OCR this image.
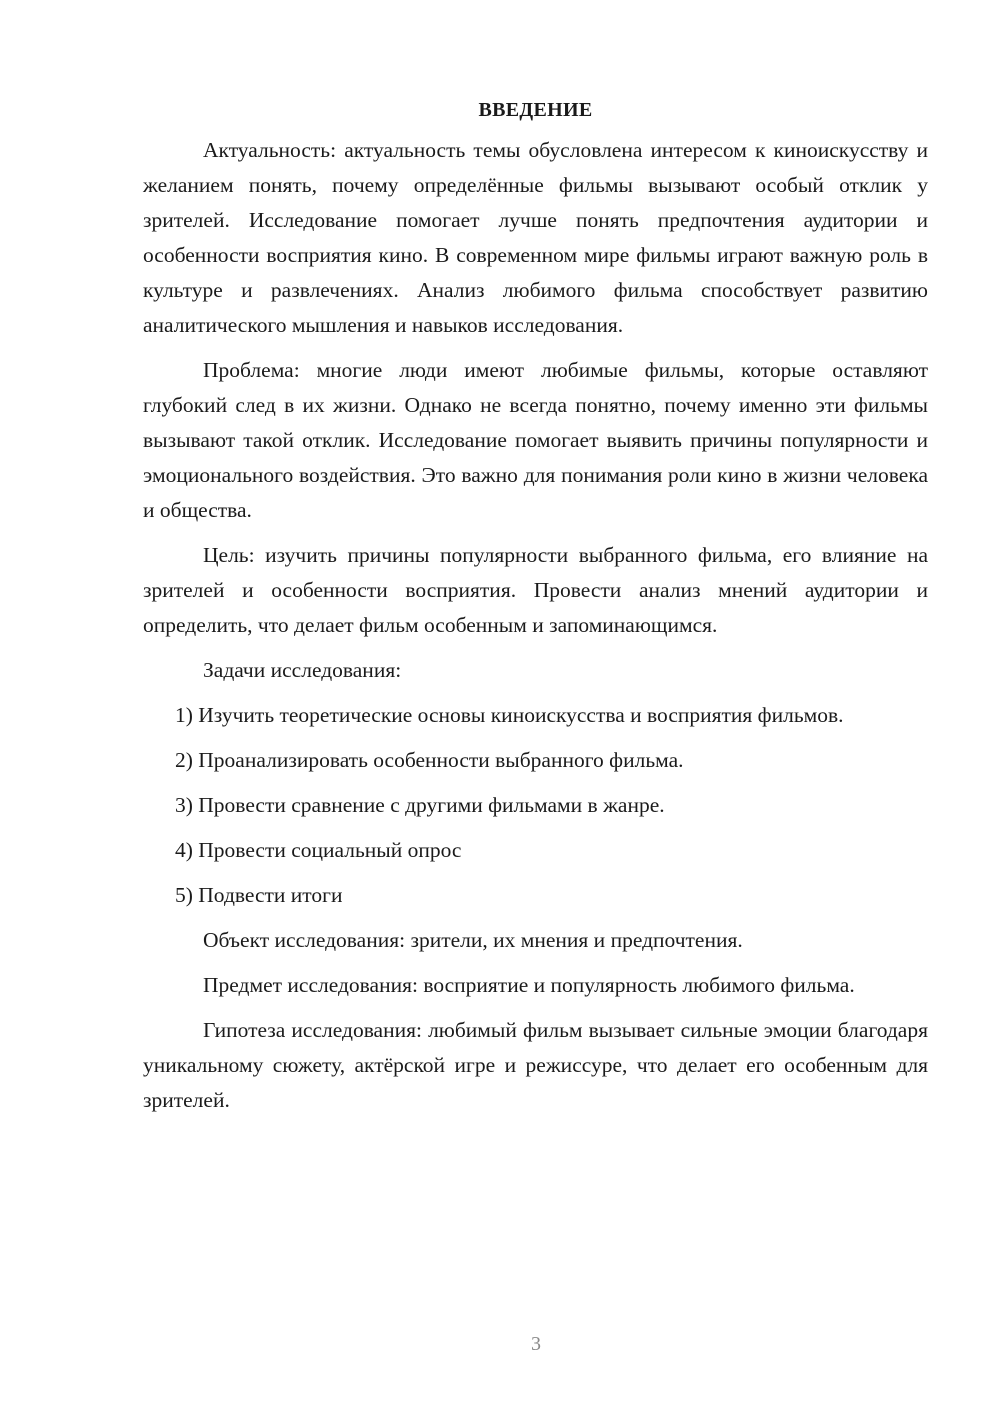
ВВЕДЕНИЕ

Актуальность: актуальность темы обусловлена интересом к киноискусству и желанием понять, почему определённые фильмы вызывают особый отклик у зрителей. Исследование помогает лучше понять предпочтения аудитории и особенности восприятия кино. В современном мире фильмы играют важную роль в культуре и развлечениях. Анализ любимого фильма способствует развитию аналитического мышления и навыков исследования.

Проблема: многие люди имеют любимые фильмы, которые оставляют глубокий след в их жизни. Однако не всегда понятно, почему именно эти фильмы вызывают такой отклик. Исследование помогает выявить причины популярности и эмоционального воздействия. Это важно для понимания роли кино в жизни человека и общества.

Цель: изучить причины популярности выбранного фильма, его влияние на зрителей и особенности восприятия. Провести анализ мнений аудитории и определить, что делает фильм особенным и запоминающимся.

Задачи исследования:

1) Изучить теоретические основы киноискусства и восприятия фильмов.

2) Проанализировать особенности выбранного фильма.

3) Провести сравнение с другими фильмами в жанре.

4) Провести социальный опрос

5) Подвести итоги

Объект исследования: зрители, их мнения и предпочтения.

Предмет исследования: восприятие и популярность любимого фильма.

Гипотеза исследования: любимый фильм вызывает сильные эмоции благодаря уникальному сюжету, актёрской игре и режиссуре, что делает его особенным для зрителей.

3
